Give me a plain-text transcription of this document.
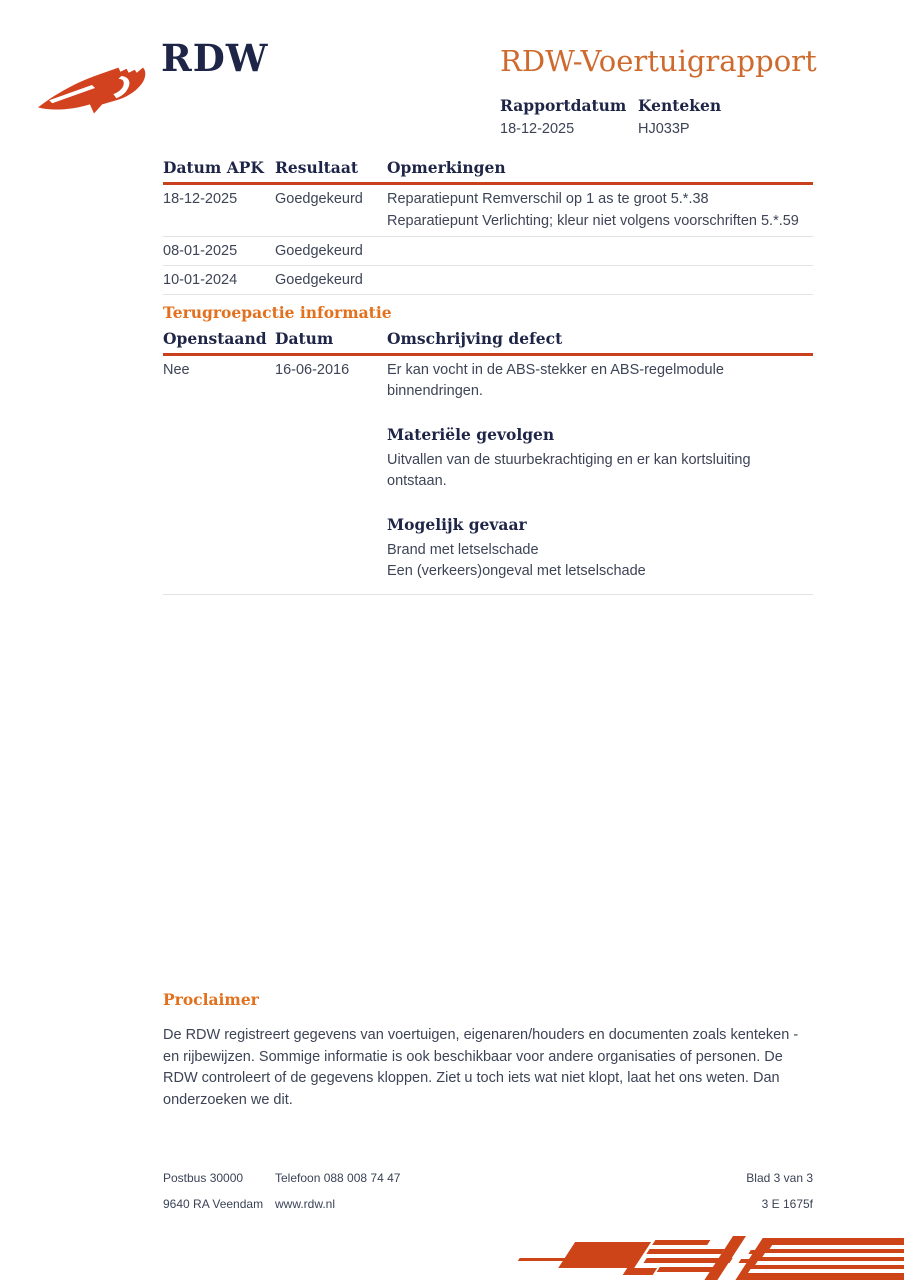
RDW	RDW-Voertuigrapport
Rapportdatum
18-12-2025
Kenteken
HJ033P
Datum APK Resultaat	Opmerkingen
18-12-2025	Goedgekeurd	Reparatiepunt Remverschil op 1 as te groot 5.*.38
Reparatiepunt Verlichting; kleur niet volgens voorschriften 5.*.59
08-01-2025	Goedgekeurd
10-01-2024	Goedgekeurd
Terugroepactie informatie
Openstaand Datum	Omschrijving defect
Nee	16-06-2016	Er kan vocht in de ABS-stekker en ABS-regelmodule binnendringen.
Materiële gevolgen
Uitvallen van de stuurbekrachtiging en er kan kortsluiting ontstaan.
Mogelijk gevaar
Brand met letselschade
Een (verkeers)ongeval met letselschade
Proclaimer
De RDW registreert gegevens van voertuigen, eigenaren/houders en documenten zoals kenteken - en rijbewijzen. Sommige informatie is ook beschikbaar voor andere organisaties of personen. De RDW controleert of de gegevens kloppen. Ziet u toch iets wat niet klopt, laat het ons weten. Dan onderzoeken we dit.
Postbus 30000	Telefoon 088 008 74 47	Blad 3 van 3
9640 RA Veendam www.rdw.nl	3 E 1675f
